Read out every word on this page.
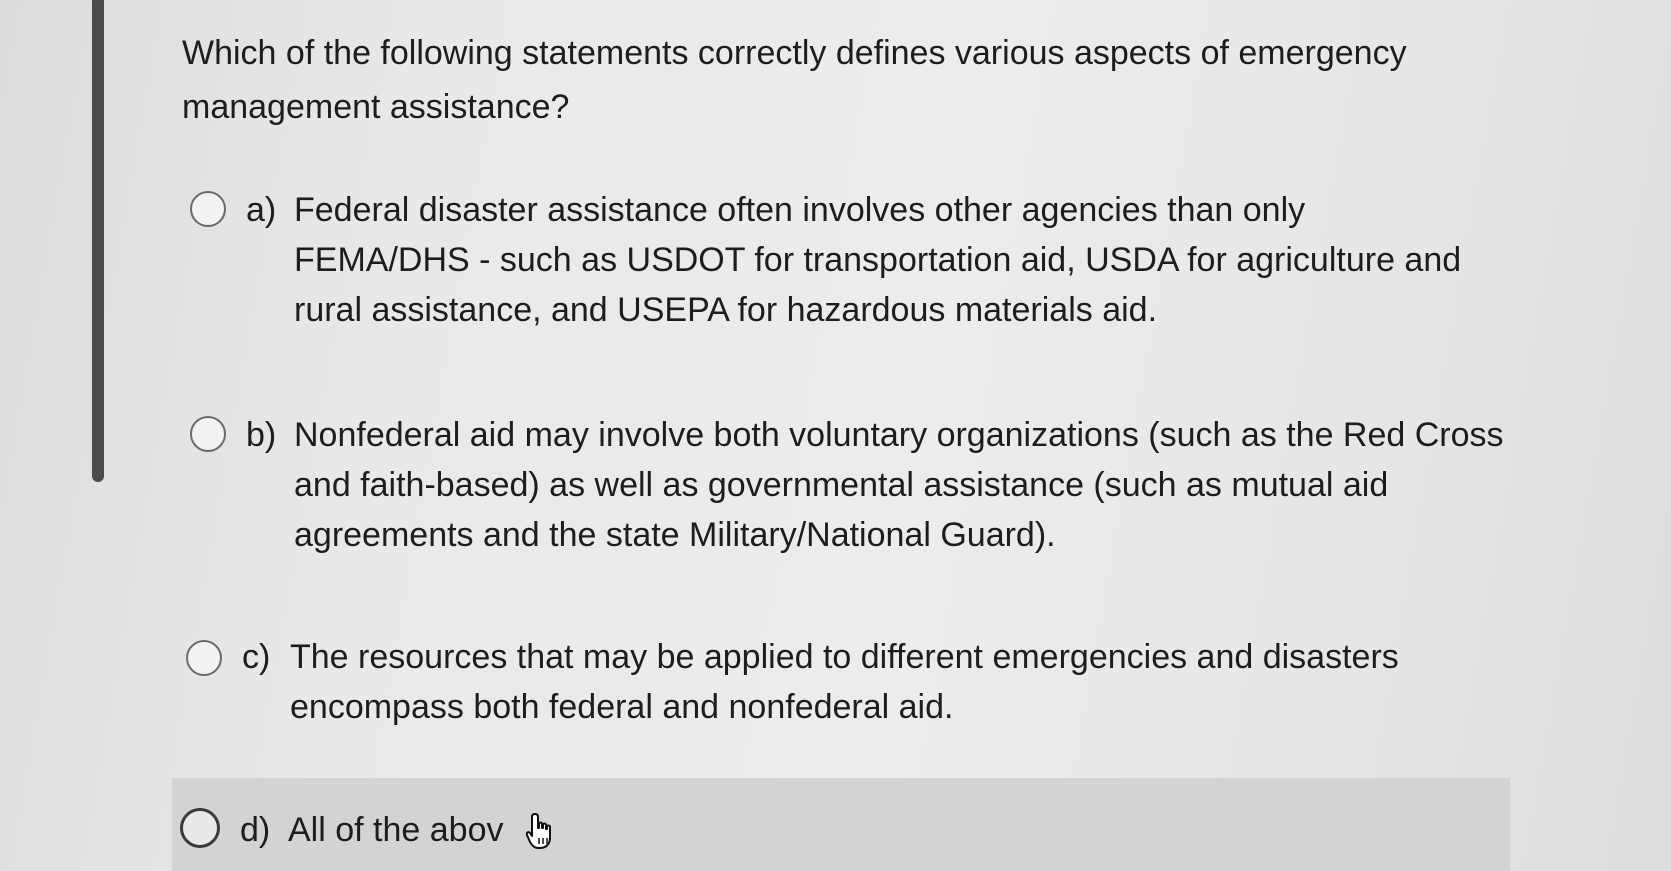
Which of the following statements correctly defines various aspects of emergency management assistance?
a) Federal disaster assistance often involves other agencies than only FEMA/DHS - such as USDOT for transportation aid, USDA for agriculture and rural assistance, and USEPA for hazardous materials aid.
b) Nonfederal aid may involve both voluntary organizations (such as the Red Cross and faith-based) as well as governmental assistance (such as mutual aid agreements and the state Military/National Guard).
c) The resources that may be applied to different emergencies and disasters encompass both federal and nonfederal aid.
d) All of the abov
